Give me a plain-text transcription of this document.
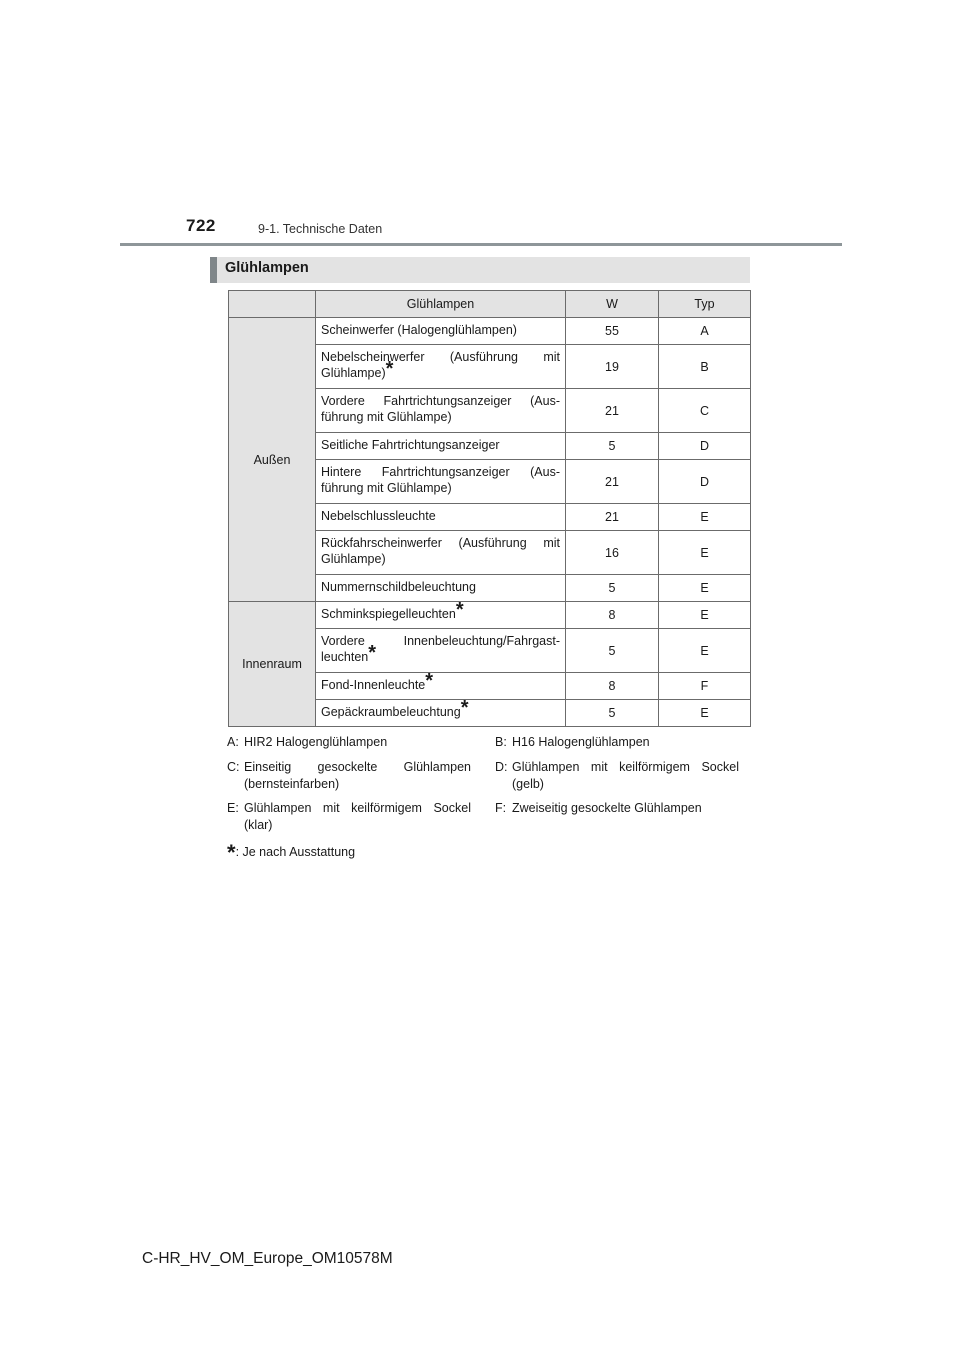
722	9-1. Technische Daten
Glühlampen
	Glühlampen	W	Typ
Außen	Scheinwerfer (Halogenglühlampen)	55	A
	Nebelscheinwerfer (Ausführung mit Glühlampe)*	19	B
	Vordere Fahrtrichtungsanzeiger (Aus-führung mit Glühlampe)	21	C
	Seitliche Fahrtrichtungsanzeiger	5	D
	Hintere Fahrtrichtungsanzeiger (Aus-führung mit Glühlampe)	21	D
	Nebelschlussleuchte	21	E
	Rückfahrscheinwerfer (Ausführung mit Glühlampe)	16	E
	Nummernschildbeleuchtung	5	E
Innenraum	Schminkspiegelleuchten*	8	E
	Vordere Innenbeleuchtung/Fahrgast-leuchten*	5	E
	Fond-Innenleuchte*	8	F
	Gepäckraumbeleuchtung*	5	E
A: HIR2 Halogenglühlampen	B: H16 Halogenglühlampen
C: Einseitig gesockelte Glühlampen (bernsteinfarben)
D: Glühlampen mit keilförmigem Sockel (gelb)
E: Glühlampen mit keilförmigem Sockel (klar)
F: Zweiseitig gesockelte Glühlampen
*: Je nach Ausstattung
C-HR_HV_OM_Europe_OM10578M
